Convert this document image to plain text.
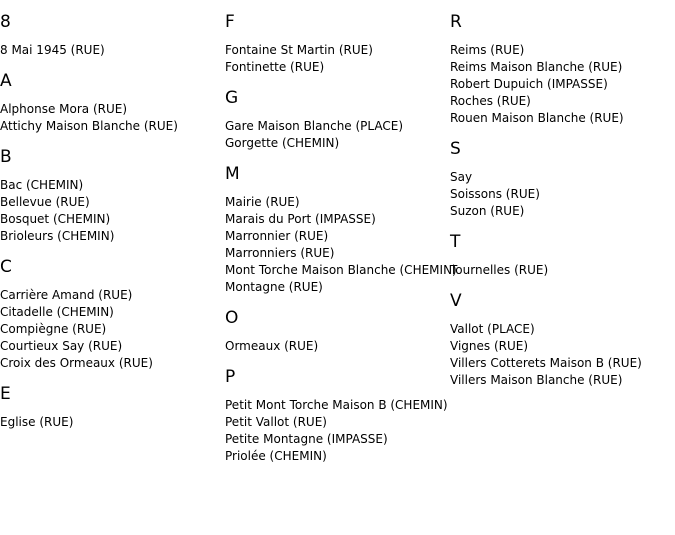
8
8 Mai 1945 (RUE)
A
Alphonse Mora (RUE)
Attichy Maison Blanche (RUE)
B
Bac (CHEMIN)
Bellevue (RUE)
Bosquet (CHEMIN)
Brioleurs (CHEMIN)
C
Carrière Amand (RUE)
Citadelle (CHEMIN)
Compiègne (RUE)
Courtieux Say (RUE)
Croix des Ormeaux (RUE)
E
Eglise (RUE)
F
Fontaine St Martin (RUE)
Fontinette (RUE)
G
Gare Maison Blanche (PLACE)
Gorgette (CHEMIN)
M
Mairie (RUE)
Marais du Port (IMPASSE)
Marronnier (RUE)
Marronniers (RUE)
Mont Torche Maison Blanche (CHEMIN)
Montagne (RUE)
O
Ormeaux (RUE)
P
Petit Mont Torche Maison B (CHEMIN)
Petit Vallot (RUE)
Petite Montagne (IMPASSE)
Priolée (CHEMIN)
R
Reims (RUE)
Reims Maison Blanche (RUE)
Robert Dupuich (IMPASSE)
Roches (RUE)
Rouen Maison Blanche (RUE)
S
Say
Soissons (RUE)
Suzon (RUE)
T
Tournelles (RUE)
V
Vallot (PLACE)
Vignes (RUE)
Villers Cotterets Maison B (RUE)
Villers Maison Blanche (RUE)
